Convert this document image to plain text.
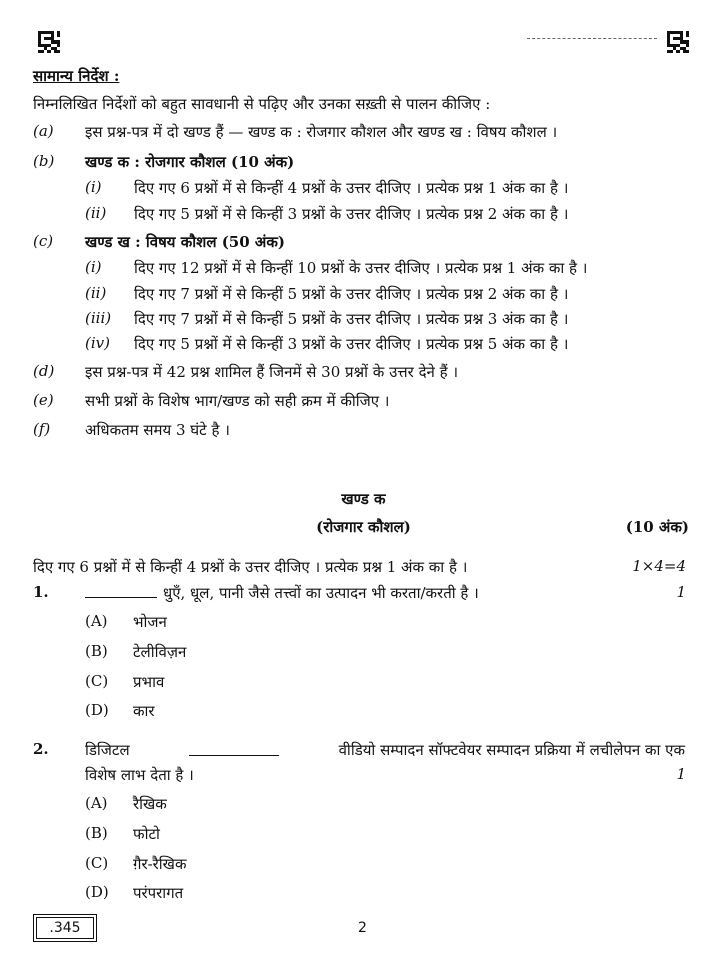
सामान्य निर्देश :
निम्नलिखित निर्देशों को बहुत सावधानी से पढ़िए और उनका सख़्ती से पालन कीजिए :
(a) इस प्रश्न-पत्र में दो खण्ड हैं — खण्ड क : रोजगार कौशल और खण्ड ख : विषय कौशल ।
(b) खण्ड क : रोजगार कौशल (10 अंक)
(i) दिए गए 6 प्रश्नों में से किन्हीं 4 प्रश्नों के उत्तर दीजिए । प्रत्येक प्रश्न 1 अंक का है ।
(ii) दिए गए 5 प्रश्नों में से किन्हीं 3 प्रश्नों के उत्तर दीजिए । प्रत्येक प्रश्न 2 अंक का है ।
(c) खण्ड ख : विषय कौशल (50 अंक)
(i) दिए गए 12 प्रश्नों में से किन्हीं 10 प्रश्नों के उत्तर दीजिए । प्रत्येक प्रश्न 1 अंक का है ।
(ii) दिए गए 7 प्रश्नों में से किन्हीं 5 प्रश्नों के उत्तर दीजिए । प्रत्येक प्रश्न 2 अंक का है ।
(iii) दिए गए 7 प्रश्नों में से किन्हीं 5 प्रश्नों के उत्तर दीजिए । प्रत्येक प्रश्न 3 अंक का है ।
(iv) दिए गए 5 प्रश्नों में से किन्हीं 3 प्रश्नों के उत्तर दीजिए । प्रत्येक प्रश्न 5 अंक का है ।
(d) इस प्रश्न-पत्र में 42 प्रश्न शामिल हैं जिनमें से 30 प्रश्नों के उत्तर देने हैं ।
(e) सभी प्रश्नों के विशेष भाग/खण्ड को सही क्रम में कीजिए ।
(f) अधिकतम समय 3 घंटे है ।
खण्ड क
(रोजगार कौशल)	(10 अंक)
दिए गए 6 प्रश्नों में से किन्हीं 4 प्रश्नों के उत्तर दीजिए । प्रत्येक प्रश्न 1 अंक का है ।	1×4=4
1.	धुएँ, धूल, पानी जैसे तत्त्वों का उत्पादन भी करता/करती है ।	1
(A) भोजन
(B) टेलीविज़न
(C) प्रभाव
(D) कार
2. डिजिटल	वीडियो सम्पादन सॉफ्टवेयर सम्पादन प्रक्रिया में लचीलेपन का एक
विशेष लाभ देता है ।	1
(A) रैखिक
(B) फोटो
(C) ग़ैर-रैखिक
(D) परंपरागत
.345	2
